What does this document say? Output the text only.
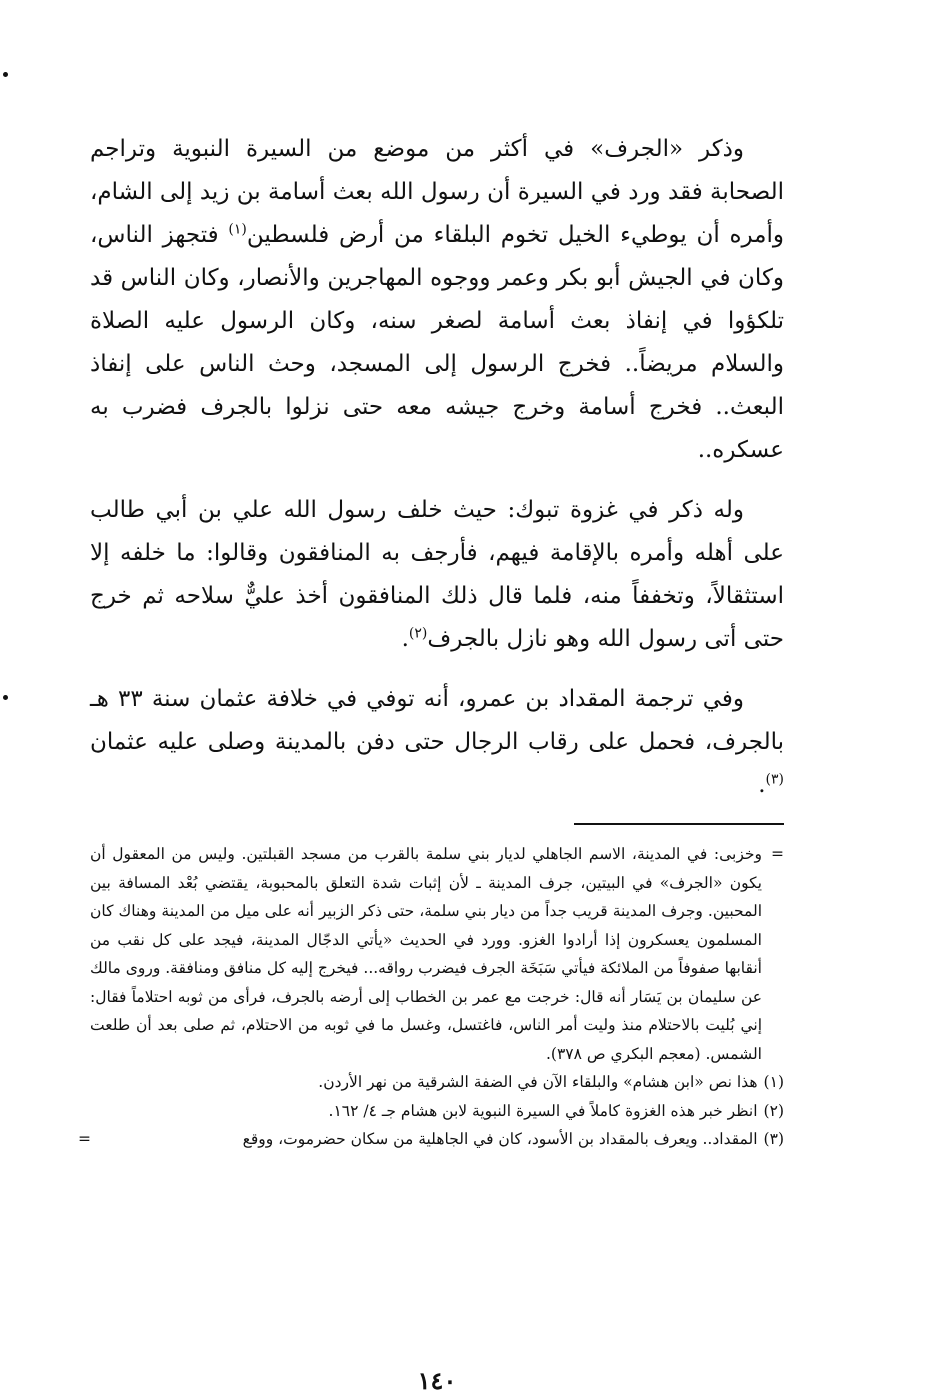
وذكر «الجرف» في أكثر من موضع من السيرة النبوية وتراجم الصحابة فقد ورد في السيرة أن رسول الله بعث أسامة بن زيد إلى الشام، وأمره أن يوطيء الخيل تخوم البلقاء من أرض فلسطين$^{(١)}$ فتجهز الناس، وكان في الجيش أبو بكر وعمر ووجوه المهاجرين والأنصار، وكان الناس قد تلكؤوا في إنفاذ بعث أسامة لصغر سنه، وكان الرسول عليه الصلاة والسلام مريضاً.. فخرج الرسول إلى المسجد، وحث الناس على إنفاذ البعث.. فخرج أسامة وخرج جيشه معه حتى نزلوا بالجرف فضرب به عسكره..

وله ذكر في غزوة تبوك: حيث خلف رسول الله علي بن أبي طالب على أهله وأمره بالإقامة فيهم، فأرجف به المنافقون وقالوا: ما خلفه إلا استثقالاً، وتخففاً منه، فلما قال ذلك المنافقون أخذ عليٌّ سلاحه ثم خرج حتى أتى رسول الله وهو نازل بالجرف$^{(٢)}$.

وفي ترجمة المقداد بن عمرو، أنه توفي في خلافة عثمان سنة ٣٣ هـ بالجرف، فحمل على رقاب الرجال حتى دفن بالمدينة وصلى عليه عثمان $^{(٣)}$.

=
وخزبى: في المدينة، الاسم الجاهلي لديار بني سلمة بالقرب من مسجد القبلتين. وليس من المعقول أن يكون «الجرف» في البيتين، جرف المدينة ـ لأن إثبات شدة التعلق بالمحبوبة، يقتضي بُعْد المسافة بين المحبين. وجرف المدينة قريب جداً من ديار بني سلمة، حتى ذكر الزبير أنه على ميل من المدينة وهناك كان المسلمون يعسكرون إذا أرادوا الغزو. وورد في الحديث «يأتي الدجّال المدينة، فيجد على كل نقب من أنقابها صفوفاً من الملائكة فيأتي سَبَخَة الجرف فيضرب رواقه... فيخرج إليه كل منافق ومنافقة. وروى مالك عن سليمان بن يَسَار أنه قال: خرجت مع عمر بن الخطاب إلى أرضه بالجرف، فرأى من ثوبه احتلاماً فقال: إني بُليت بالاحتلام منذ وليت أمر الناس، فاغتسل، وغسل ما في ثوبه من الاحتلام، ثم صلى بعد أن طلعت الشمس. (معجم البكري ص ٣٧٨).

(١)هذا نص «ابن هشام» والبلقاء الآن في الضفة الشرقية من نهر الأردن.

(٢)انظر خبر هذه الغزوة كاملاً في السيرة النبوية لابن هشام جـ ٤/ ١٦٢.

(٣)المقداد.. ويعرف بالمقداد بن الأسود، كان في الجاهلية من سكان حضرموت، ووقع
=

١٤٠
